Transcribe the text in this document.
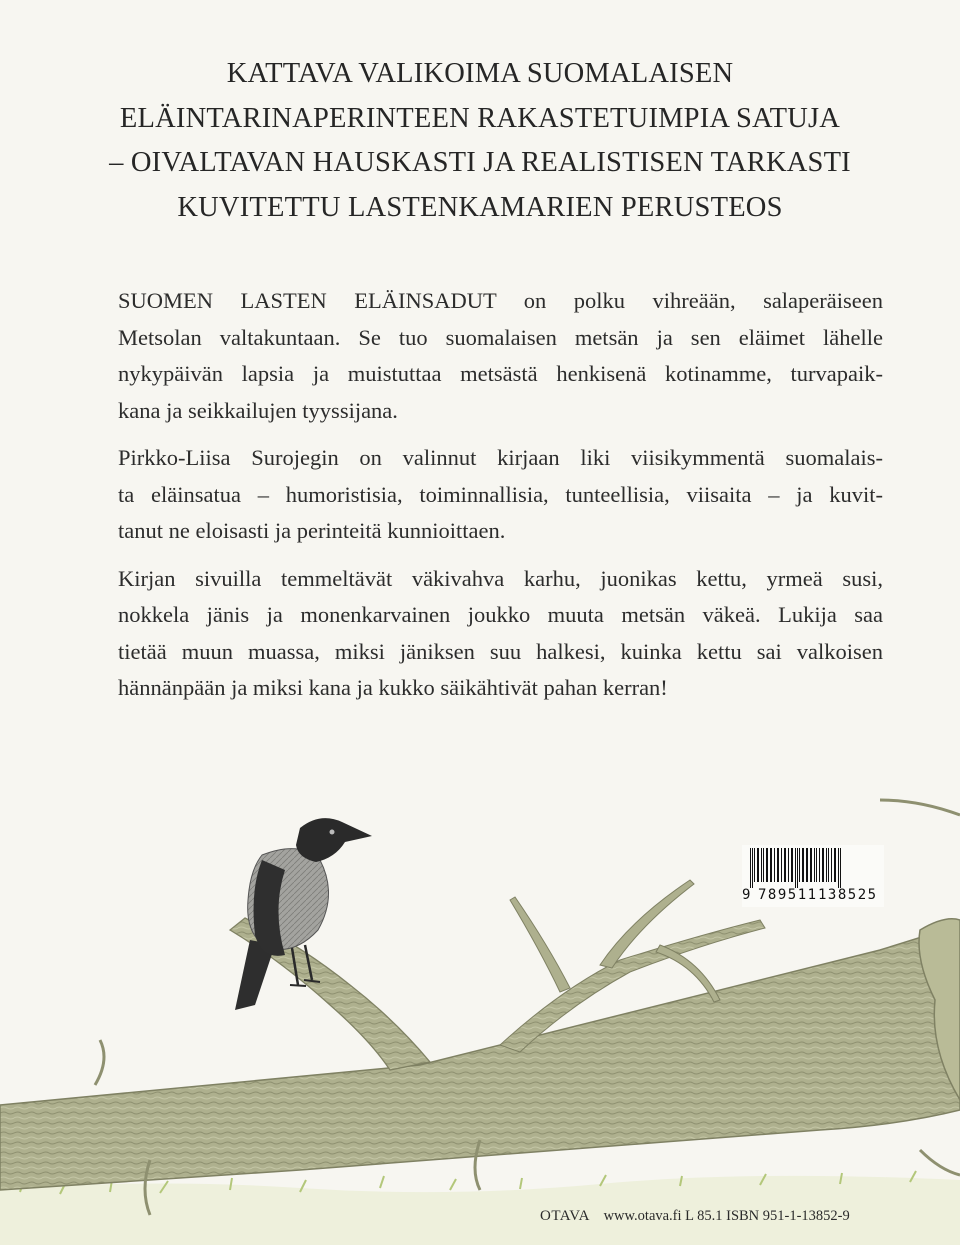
KATTAVA VALIKOIMA SUOMALAISEN
ELÄINTARINAPERINTEEN RAKASTETUIMPIA SATUJA
– OIVALTAVAN HAUSKASTI JA REALISTISEN TARKASTI
KUVITETTU LASTENKAMARIEN PERUSTEOS

SUOMEN LASTEN ELÄINSADUT on polku vihreään, salaperäiseen
Metsolan valtakuntaan. Se tuo suomalaisen metsän ja sen eläimet lähelle
nykypäivän lapsia ja muistuttaa metsästä henkisenä kotinamme, turvapaik-
kana ja seikkailujen tyyssijana.

Pirkko-Liisa Surojegin on valinnut kirjaan liki viisikymmentä suomalais-
ta eläinsatua – humoristisia, toiminnallisia, tunteellisia, viisaita – ja kuvit-
tanut ne eloisasti ja perinteitä kunnioittaen.

Kirjan sivuilla temmeltävät väkivahva karhu, juonikas kettu, yrmeä susi,
nokkela jänis ja monenkarvainen joukko muuta metsän väkeä. Lukija saa
tietää muun muassa, miksi jäniksen suu halkesi, kuinka kettu sai valkoisen
hännänpään ja miksi kana ja kukko säikähtivät pahan kerran!

9 789511 138525
OTAVA www.otava.fi L 85.1 ISBN 951-1-13852-9
